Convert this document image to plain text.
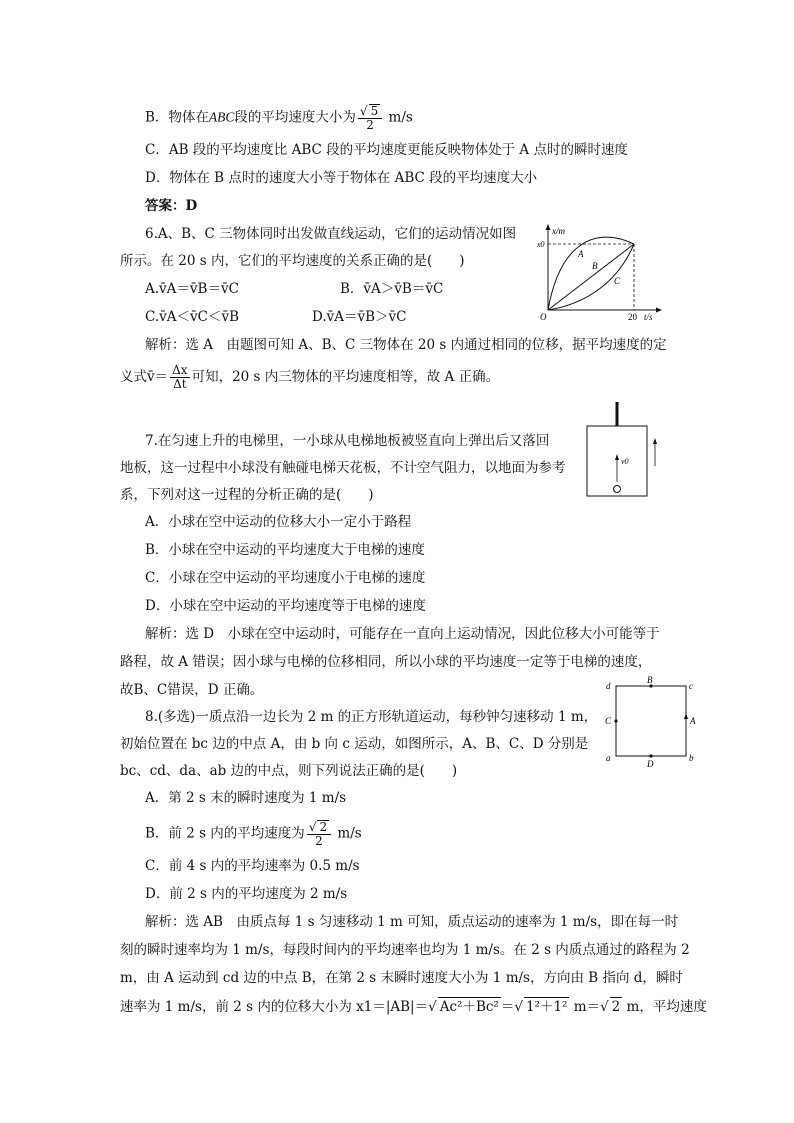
B．物体在ABC段的平均速度大小为 $\frac{√ 5}{2} m/s$
C．AB 段的平均速度比 ABC 段的平均速度更能反映物体处于 A 点时的瞬时速度
D．物体在 B 点时的速度大小等于物体在 ABC 段的平均速度大小
答案：D
6.A、B、C 三物体同时出发做直线运动，它们的运动情况如图
所示。在 20 s 内，它们的平均速度的关系正确的是(　　)
A.v̄A＝v̄B＝v̄C	B．v̄A＞v̄B＝v̄C
C.v̄A＜v̄C＜v̄B	D.v̄A＝v̄B＞v̄C
解析：选 A　由题图可知 A、B、C 三物体在 20 s 内通过相同的位移，据平均速度的定
义式v̄＝ $\frac{\Delta x}{\Delta t}$ 可知，20 s 内三物体的平均速度相等，故 A 正确。
x/m
x0
O	20 t/s
A
B
C
7.在匀速上升的电梯里，一小球从电梯地板被竖直向上弹出后又落回
地板，这一过程中小球没有触碰电梯天花板，不计空气阻力，以地面为参考
系，下列对这一过程的分析正确的是(　　)
A．小球在空中运动的位移大小一定小于路程
B．小球在空中运动的平均速度大于电梯的速度
C．小球在空中运动的平均速度小于电梯的速度
D．小球在空中运动的平均速度等于电梯的速度
解析：选 D　小球在空中运动时，可能存在一直向上运动情况，因此位移大小可能等于
路程，故 A 错误；因小球与电梯的位移相同，所以小球的平均速度一定等于电梯的速度，
故B、C错误，D 正确。
v0
8.(多选)一质点沿一边长为 2 m 的正方形轨道运动，每秒钟匀速移动 1 m，
初始位置在 bc 边的中点 A，由 b 向 c 运动，如图所示，A、B、C、D 分别是
bc、cd、da、ab 边的中点，则下列说法正确的是(　　)
A．第 2 s 末的瞬时速度为 1 m/s
B．前 2 s 内的平均速度为 $\frac{√ 2}{2} m/s$
C．前 4 s 内的平均速率为 0.5 m/s
D．前 2 s 内的平均速度为 2 m/s
解析：选 AB　由质点每 1 s 匀速移动 1 m 可知，质点运动的速率为 1 m/s，即在每一时
刻的瞬时速率均为 1 m/s，每段时间内的平均速率也均为 1 m/s。在 2 s 内质点通过的路程为 2
m，由 A 运动到 cd 边的中点 B，在第 2 s 末瞬时速度大小为 1 m/s，方向由 B 指向 d，瞬时
速率为 1 m/s，前 2 s 内的位移大小为 x1＝|AB|＝√ Ac²＋Bc² ＝√ 1²＋1² m＝√ 2 m，平均速度
d
B
c
C	A
a
D
b
